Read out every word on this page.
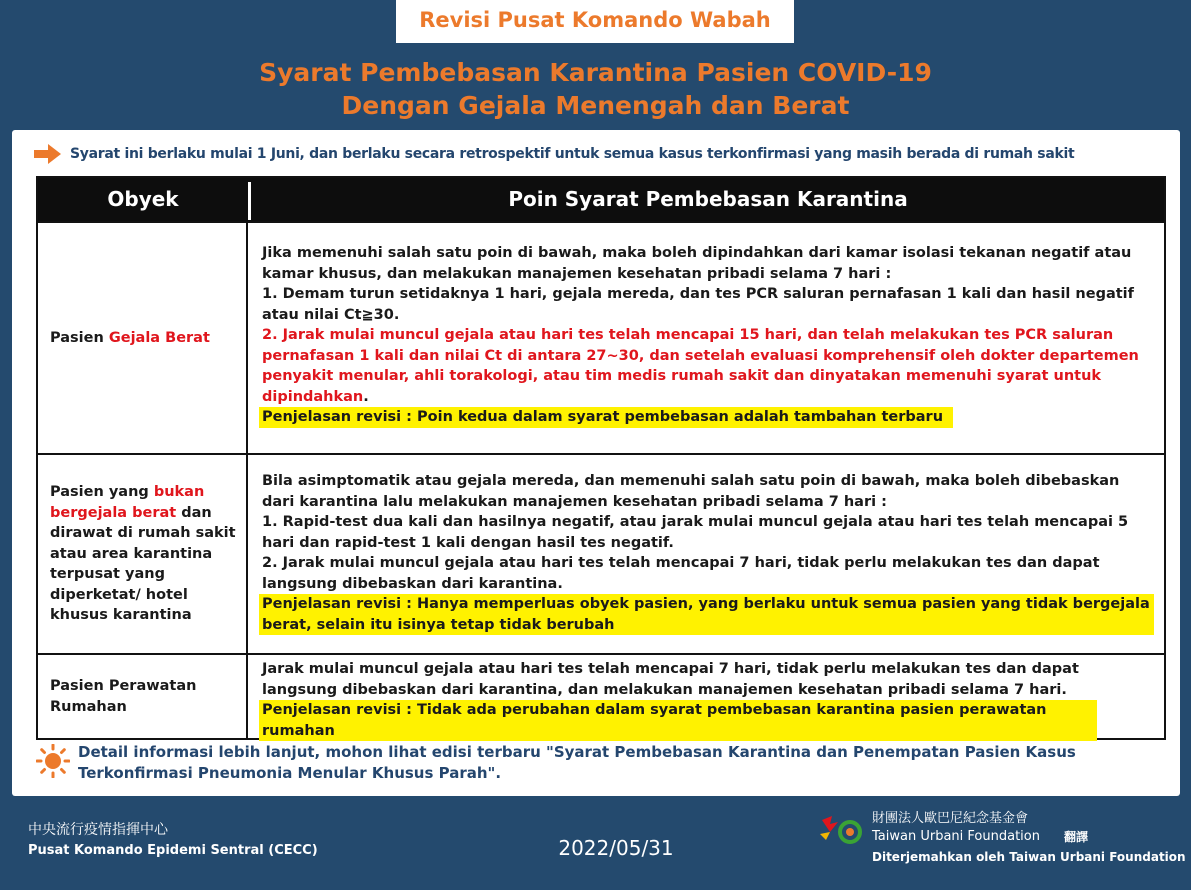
Revisi Pusat Komando Wabah
Syarat Pembebasan Karantina Pasien COVID-19
Dengan Gejala Menengah dan Berat
Syarat ini berlaku mulai 1 Juni, dan berlaku secara retrospektif untuk semua kasus terkonfirmasi yang masih berada di rumah sakit
Obyek	Poin Syarat Pembebasan Karantina
Pasien Gejala Berat
Jika memenuhi salah satu poin di bawah, maka boleh dipindahkan dari kamar isolasi tekanan negatif atau kamar khusus, dan melakukan manajemen kesehatan pribadi selama 7 hari :
1. Demam turun setidaknya 1 hari, gejala mereda, dan tes PCR saluran pernafasan 1 kali dan hasil negatif atau nilai Ct≧30.
2. Jarak mulai muncul gejala atau hari tes telah mencapai 15 hari, dan telah melakukan tes PCR saluran pernafasan 1 kali dan nilai Ct di antara 27~30, dan setelah evaluasi komprehensif oleh dokter departemen penyakit menular, ahli torakologi, atau tim medis rumah sakit dan dinyatakan memenuhi syarat untuk dipindahkan.
Penjelasan revisi : Poin kedua dalam syarat pembebasan adalah tambahan terbaru
Pasien yang bukan bergejala berat dan dirawat di rumah sakit atau area karantina terpusat yang diperketat/ hotel khusus karantina
Bila asimptomatik atau gejala mereda, dan memenuhi salah satu poin di bawah, maka boleh dibebaskan dari karantina lalu melakukan manajemen kesehatan pribadi selama 7 hari :
1. Rapid-test dua kali dan hasilnya negatif, atau jarak mulai muncul gejala atau hari tes telah mencapai 5 hari dan rapid-test 1 kali dengan hasil tes negatif.
2. Jarak mulai muncul gejala atau hari tes telah mencapai 7 hari, tidak perlu melakukan tes dan dapat langsung dibebaskan dari karantina.
Penjelasan revisi : Hanya memperluas obyek pasien, yang berlaku untuk semua pasien yang tidak bergejala berat, selain itu isinya tetap tidak berubah
Pasien Perawatan Rumahan
Jarak mulai muncul gejala atau hari tes telah mencapai 7 hari, tidak perlu melakukan tes dan dapat langsung dibebaskan dari karantina, dan melakukan manajemen kesehatan pribadi selama 7 hari.
Penjelasan revisi : Tidak ada perubahan dalam syarat pembebasan karantina pasien perawatan rumahan
Detail informasi lebih lanjut, mohon lihat edisi terbaru "Syarat Pembebasan Karantina dan Penempatan Pasien Kasus Terkonfirmasi Pneumonia Menular Khusus Parah".
中央流行疫情指揮中心
Pusat Komando Epidemi Sentral (CECC)	2022/05/31
財團法人歐巴尼紀念基金會
Taiwan Urbani Foundation	翻譯
Diterjemahkan oleh Taiwan Urbani Foundation
